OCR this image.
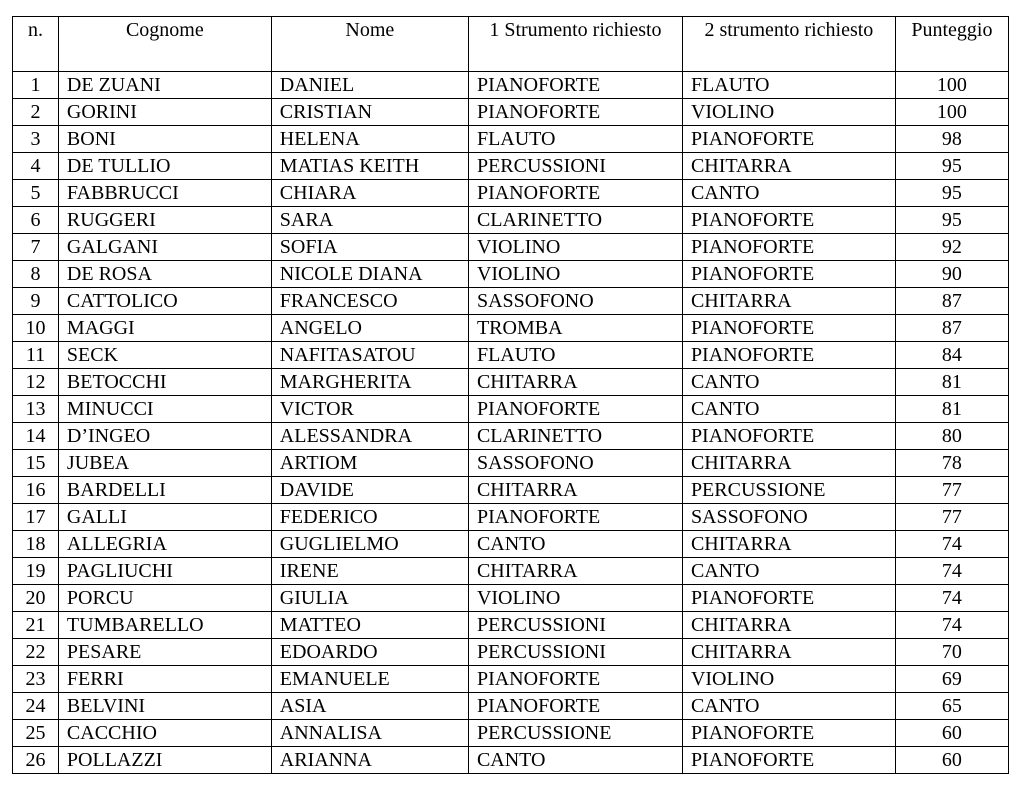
n.	Cognome	Nome	1 Strumento richiesto	2 strumento richiesto	Punteggio
1	DE ZUANI	DANIEL	PIANOFORTE	FLAUTO	100
2	GORINI	CRISTIAN	PIANOFORTE	VIOLINO	100
3	BONI	HELENA	FLAUTO	PIANOFORTE	98
4	DE TULLIO	MATIAS KEITH	PERCUSSIONI	CHITARRA	95
5	FABBRUCCI	CHIARA	PIANOFORTE	CANTO	95
6	RUGGERI	SARA	CLARINETTO	PIANOFORTE	95
7	GALGANI	SOFIA	VIOLINO	PIANOFORTE	92
8	DE ROSA	NICOLE DIANA	VIOLINO	PIANOFORTE	90
9	CATTOLICO	FRANCESCO	SASSOFONO	CHITARRA	87
10	MAGGI	ANGELO	TROMBA	PIANOFORTE	87
11	SECK	NAFITASATOU	FLAUTO	PIANOFORTE	84
12	BETOCCHI	MARGHERITA	CHITARRA	CANTO	81
13	MINUCCI	VICTOR	PIANOFORTE	CANTO	81
14	D’INGEO	ALESSANDRA	CLARINETTO	PIANOFORTE	80
15	JUBEA	ARTIOM	SASSOFONO	CHITARRA	78
16	BARDELLI	DAVIDE	CHITARRA	PERCUSSIONE	77
17	GALLI	FEDERICO	PIANOFORTE	SASSOFONO	77
18	ALLEGRIA	GUGLIELMO	CANTO	CHITARRA	74
19	PAGLIUCHI	IRENE	CHITARRA	CANTO	74
20	PORCU	GIULIA	VIOLINO	PIANOFORTE	74
21	TUMBARELLO	MATTEO	PERCUSSIONI	CHITARRA	74
22	PESARE	EDOARDO	PERCUSSIONI	CHITARRA	70
23	FERRI	EMANUELE	PIANOFORTE	VIOLINO	69
24	BELVINI	ASIA	PIANOFORTE	CANTO	65
25	CACCHIO	ANNALISA	PERCUSSIONE	PIANOFORTE	60
26	POLLAZZI	ARIANNA	CANTO	PIANOFORTE	60
